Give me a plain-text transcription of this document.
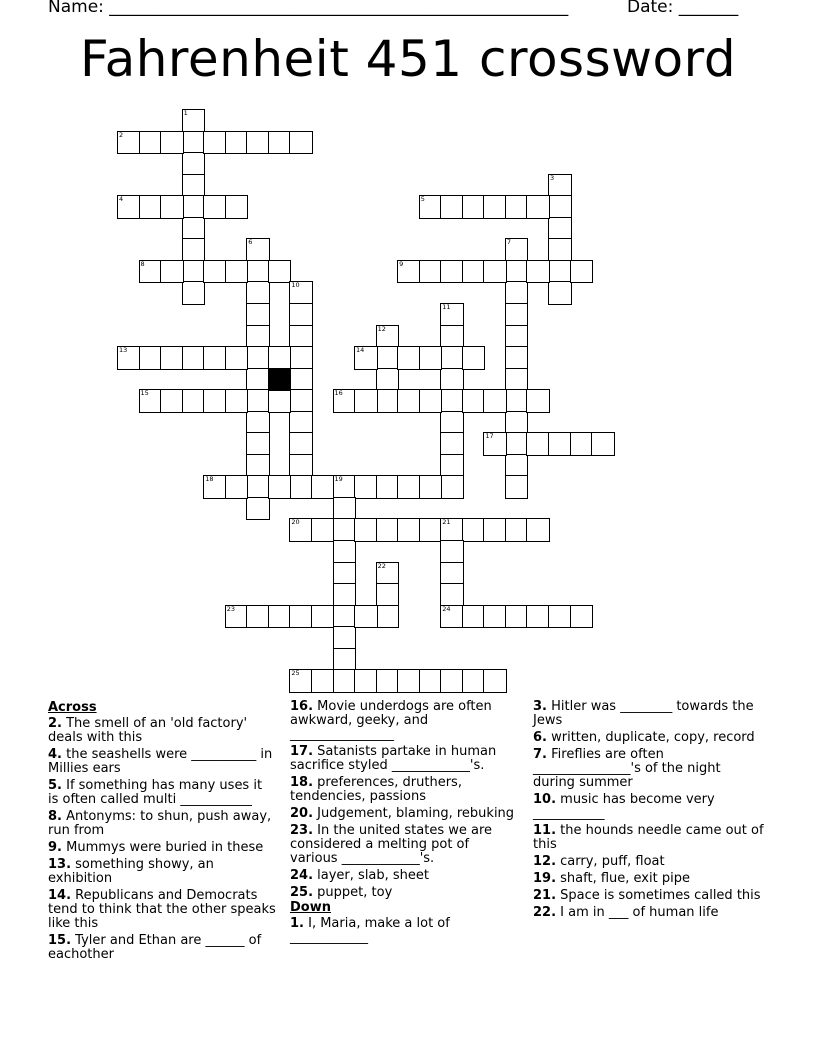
Name: ______________________________________________________	Date: _______
Fahrenheit 451 crossword
1
2
3
4	5
6	7
8	9
10
11
12
13	14
15	16
17
18	19
20	21
24
22
23
25
Across
2. The smell of an 'old factory' deals with this
4. the seashells were __________ in Millies ears
5. If something has many uses it is often called multi ___________
8. Antonyms: to shun, push away, run from
9. Mummys were buried in these
13. something showy, an exhibition
14. Republicans and Democrats tend to think that the other speaks like this
15. Tyler and Ethan are ______ of eachother
16. Movie underdogs are often awkward, geeky, and ________________
17. Satanists partake in human sacrifice styled ____________'s.
18. preferences, druthers, tendencies, passions
20. Judgement, blaming, rebuking
23. In the united states we are considered a melting pot of various ____________'s.
24. layer, slab, sheet
25. puppet, toy
Down
1. I, Maria, make a lot of ____________
3. Hitler was ________ towards the Jews
6. written, duplicate, copy, record
7. Fireflies are often _______________'s of the night during summer
10. music has become very ___________
11. the hounds needle came out of this
12. carry, puff, float
19. shaft, flue, exit pipe
21. Space is sometimes called this
22. I am in ___ of human life
